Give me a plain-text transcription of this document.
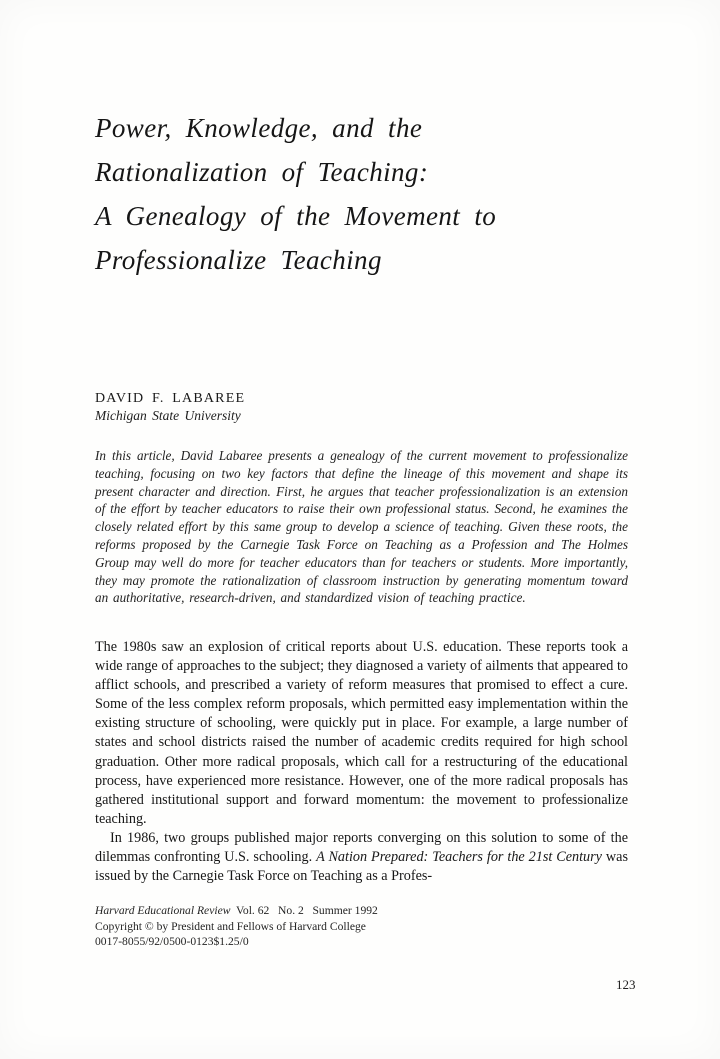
Power, Knowledge, and the
Rationalization of Teaching:
A Genealogy of the Movement to
Professionalize Teaching
DAVID F. LABAREE
Michigan State University
In this article, David Labaree presents a genealogy of the current movement to professionalize teaching, focusing on two key factors that define the lineage of this movement and shape its present character and direction. First, he argues that teacher professionalization is an extension of the effort by teacher educators to raise their own professional status. Second, he examines the closely related effort by this same group to develop a science of teaching. Given these roots, the reforms proposed by the Carnegie Task Force on Teaching as a Profession and The Holmes Group may well do more for teacher educators than for teachers or students. More importantly, they may promote the rationalization of classroom instruction by generating momentum toward an authoritative, research-driven, and standardized vision of teaching practice.

The 1980s saw an explosion of critical reports about U.S. education. These reports took a wide range of approaches to the subject; they diagnosed a variety of ailments that appeared to afflict schools, and prescribed a variety of reform measures that promised to effect a cure. Some of the less complex reform proposals, which permitted easy implementation within the existing structure of schooling, were quickly put in place. For example, a large number of states and school districts raised the number of academic credits required for high school graduation. Other more radical proposals, which call for a restructuring of the educational process, have experienced more resistance. However, one of the more radical proposals has gathered institutional support and forward momentum: the movement to professionalize teaching.

In 1986, two groups published major reports converging on this solution to some of the dilemmas confronting U.S. schooling. A Nation Prepared: Teachers for the 21st Century was issued by the Carnegie Task Force on Teaching as a Profes-

Harvard Educational Review  Vol. 62   No. 2   Summer 1992
Copyright © by President and Fellows of Harvard College
0017-8055/92/0500-0123$1.25/0
123
